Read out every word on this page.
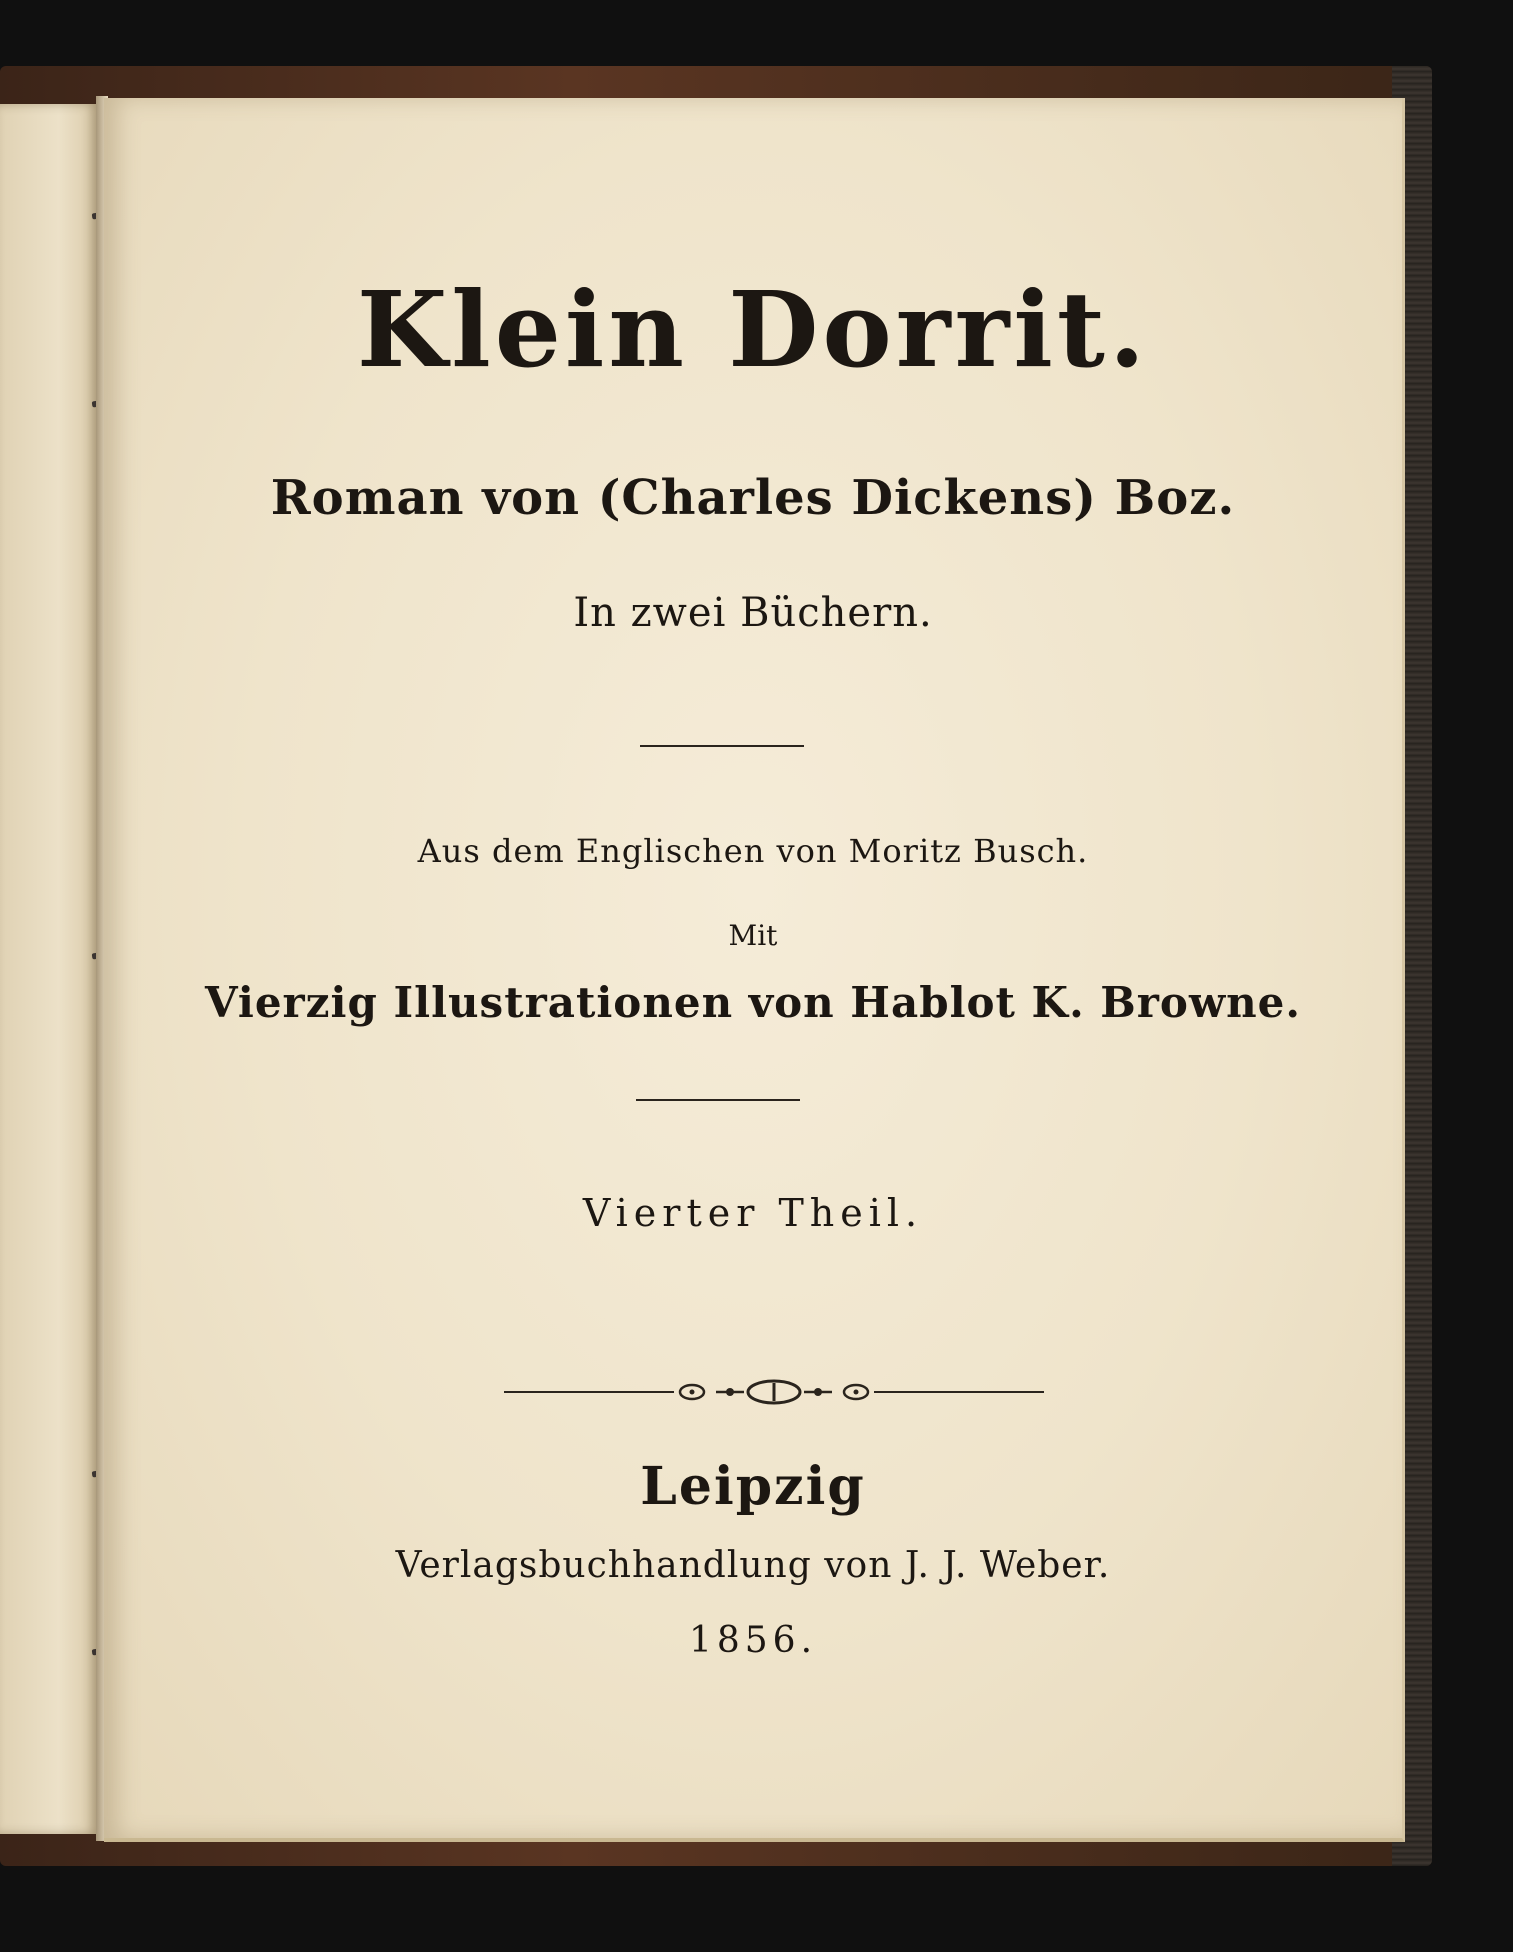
Klein Dorrit.
Roman von (Charles Dickens) Boz.
In zwei Büchern.
Aus dem Englischen von Moritz Busch.
Mit
Vierzig Illustrationen von Hablot K. Browne.
Vierter Theil.
Leipzig
Verlagsbuchhandlung von J. J. Weber.
1856.
